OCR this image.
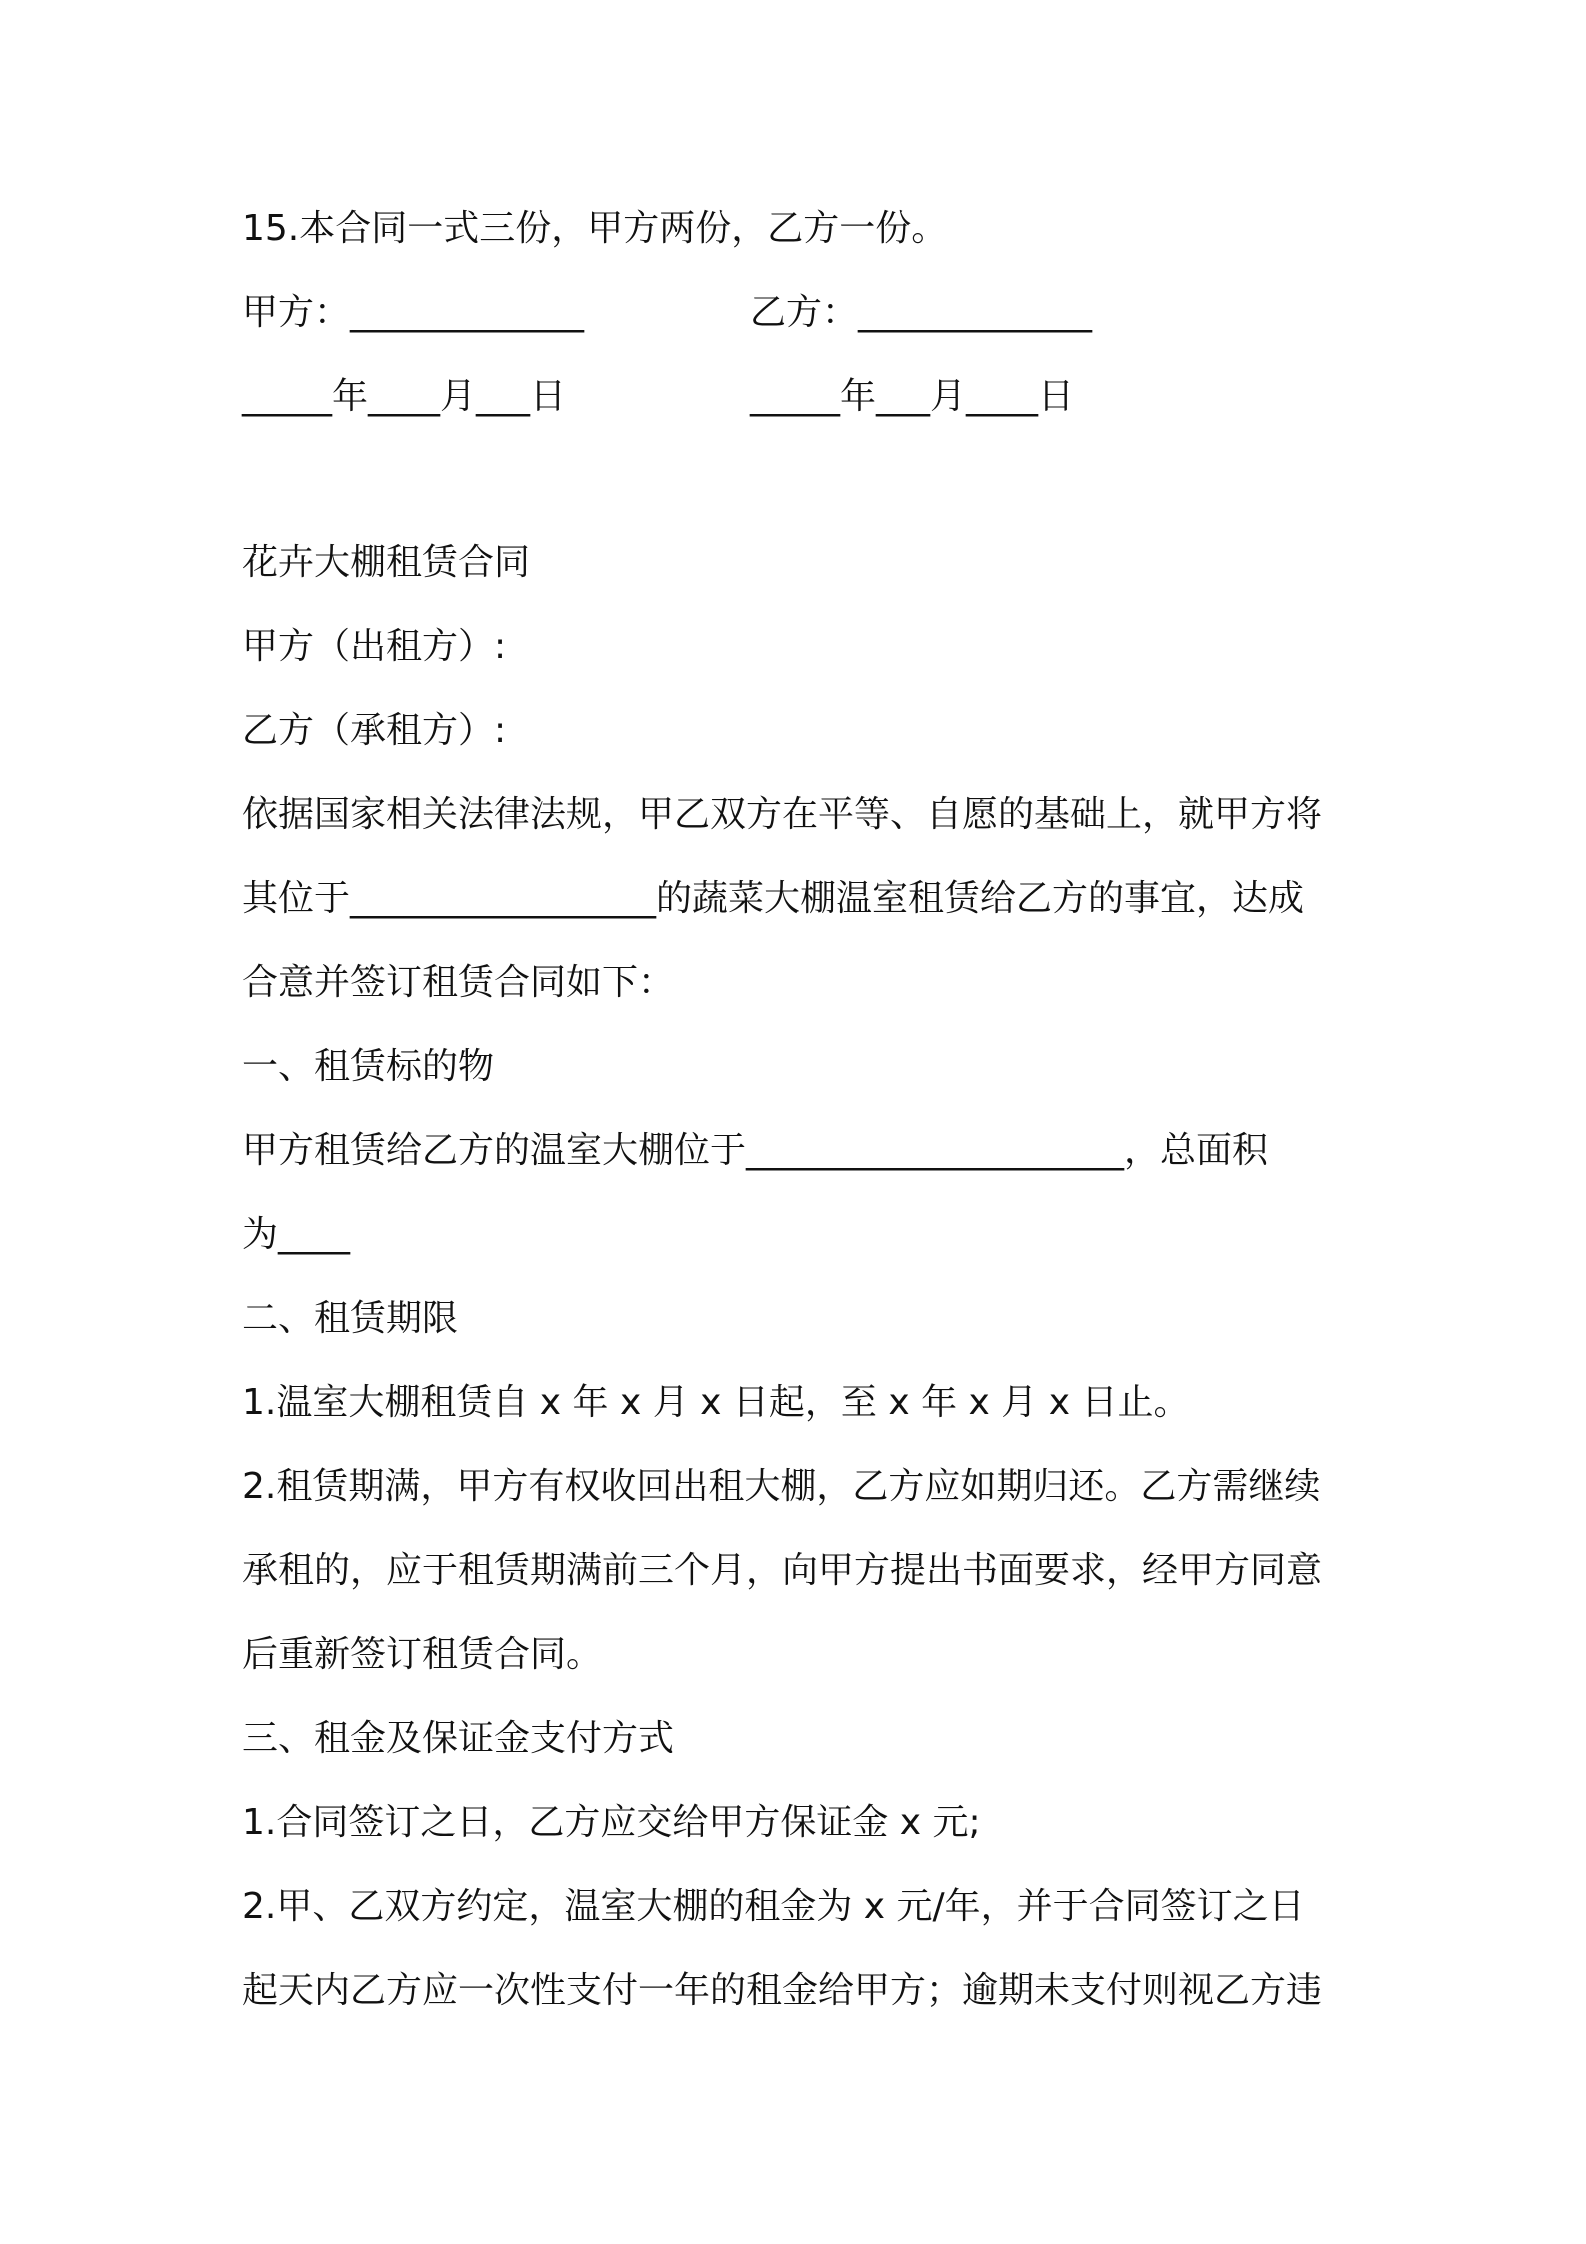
15.本合同一式三份，甲方两份，乙方一份。
甲方：_____________	乙方：_____________
_____年____月___日	_____年___月____日
花卉大棚租赁合同
甲方（出租方）:
乙方（承租方）:
依据国家相关法律法规，甲乙双方在平等、自愿的基础上，就甲方将
其位于_________________的蔬菜大棚温室租赁给乙方的事宜，达成
合意并签订租赁合同如下：
一、租赁标的物
甲方租赁给乙方的温室大棚位于_____________________，总面积
为____
二、租赁期限
1.温室大棚租赁自 x 年 x 月 x 日起，至 x 年 x 月 x 日止。
2.租赁期满，甲方有权收回出租大棚，乙方应如期归还。乙方需继续
承租的，应于租赁期满前三个月，向甲方提出书面要求，经甲方同意
后重新签订租赁合同。
三、租金及保证金支付方式
1.合同签订之日，乙方应交给甲方保证金 x 元;
2.甲、乙双方约定，温室大棚的租金为 x 元/年，并于合同签订之日
起天内乙方应一次性支付一年的租金给甲方；逾期未支付则视乙方违
